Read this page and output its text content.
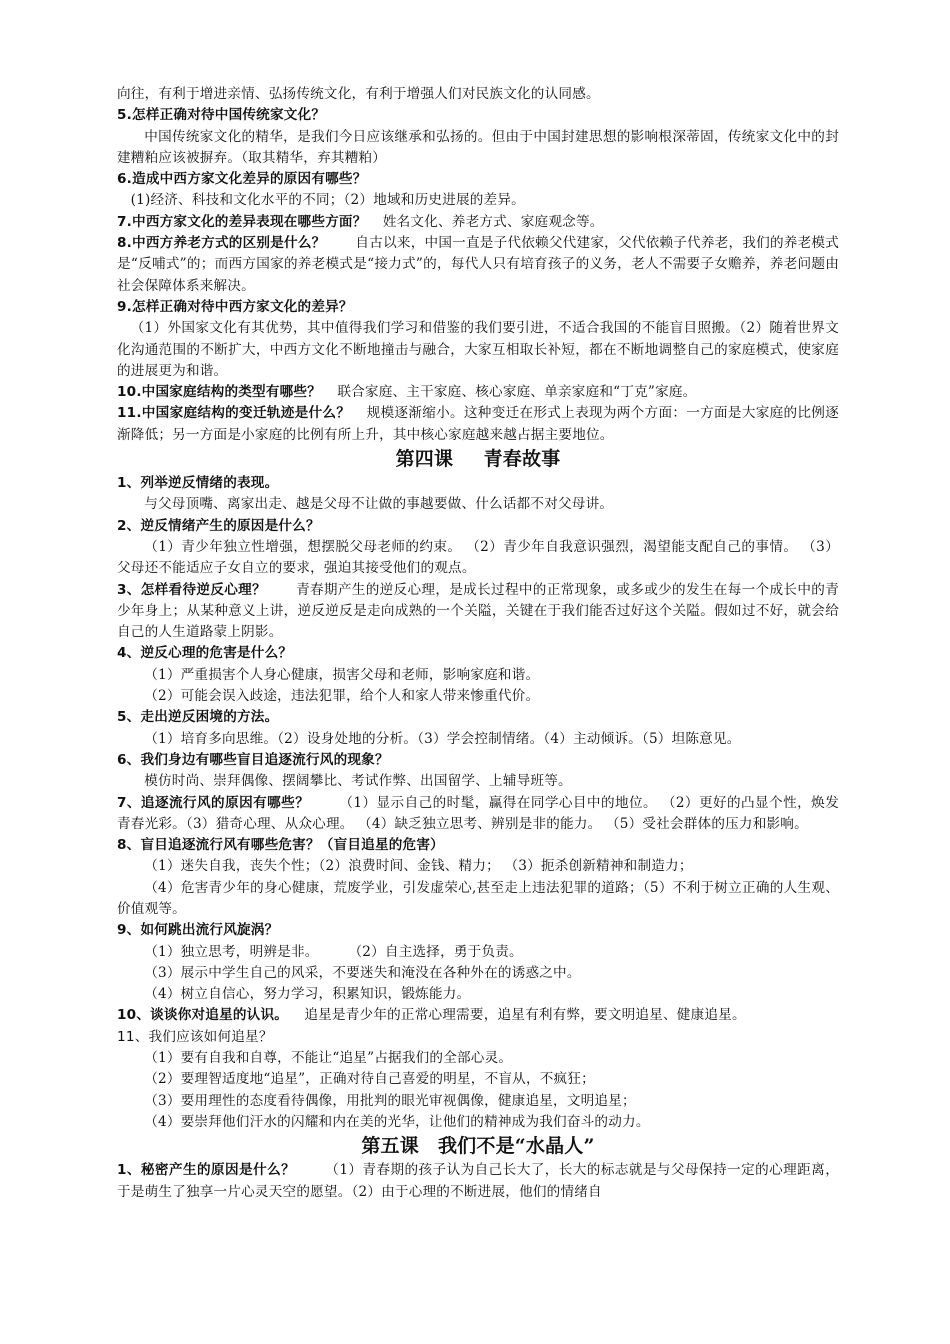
向往，有利于增进亲情、弘扬传统文化，有利于增强人们对民族文化的认同感。

5.怎样正确对待中国传统家文化？

中国传统家文化的精华，是我们今日应该继承和弘扬的。但由于中国封建思想的影响根深蒂固，传统家文化中的封建糟粕应该被摒弃。（取其精华，弃其糟粕）

6.造成中西方家文化差异的原因有哪些？

(1)经济、科技和文化水平的不同；（2）地域和历史进展的差异。

7.中西方家文化的差异表现在哪些方面？ 姓名文化、养老方式、家庭观念等。

8.中西方养老方式的区别是什么？ 自古以来，中国一直是子代依赖父代建家，父代依赖子代养老，我们的养老模式是“反哺式”的；而西方国家的养老模式是“接力式”的，每代人只有培育孩子的义务，老人不需要子女赡养，养老问题由社会保障体系来解决。

9.怎样正确对待中西方家文化的差异？

（1）外国家文化有其优势，其中值得我们学习和借鉴的我们要引进，不适合我国的不能盲目照搬。（2）随着世界文化沟通范围的不断扩大，中西方文化不断地撞击与融合，大家互相取长补短，都在不断地调整自己的家庭模式，使家庭的进展更为和谐。

10.中国家庭结构的类型有哪些？ 联合家庭、主干家庭、核心家庭、单亲家庭和“丁克”家庭。

11.中国家庭结构的变迁轨迹是什么？ 规模逐渐缩小。这种变迁在形式上表现为两个方面：一方面是大家庭的比例逐渐降低；另一方面是小家庭的比例有所上升，其中核心家庭越来越占据主要地位。

第四课 青春故事

1、列举逆反情绪的表现。

与父母顶嘴、离家出走、越是父母不让做的事越要做、什么话都不对父母讲。

2、逆反情绪产生的原因是什么？

（1）青少年独立性增强，想摆脱父母老师的约束。 （2）青少年自我意识强烈，渴望能支配自己的事情。 （3）父母还不能适应子女自立的要求，强迫其接受他们的观点。

3、怎样看待逆反心理？ 青春期产生的逆反心理，是成长过程中的正常现象，或多或少的发生在每一个成长中的青少年身上；从某种意义上讲，逆反逆反是走向成熟的一个关隘，关键在于我们能否过好这个关隘。假如过不好，就会给自己的人生道路蒙上阴影。

4、逆反心理的危害是什么？

（1）严重损害个人身心健康，损害父母和老师，影响家庭和谐。

（2）可能会误入歧途，违法犯罪，给个人和家人带来惨重代价。

5、走出逆反困境的方法。

（1）培育多向思维。（2）设身处地的分析。（3）学会控制情绪。（4）主动倾诉。（5）坦陈意见。

6、我们身边有哪些盲目追逐流行风的现象？

模仿时尚、崇拜偶像、摆阔攀比、考试作弊、出国留学、上辅导班等。

7、追逐流行风的原因有哪些？ （1）显示自己的时髦，赢得在同学心目中的地位。 （2）更好的凸显个性，焕发青春光彩。（3）猎奇心理、从众心理。 （4）缺乏独立思考、辨别是非的能力。 （5）受社会群体的压力和影响。

8、盲目追逐流行风有哪些危害？（盲目追星的危害）

（1）迷失自我，丧失个性；（2）浪费时间、金钱、精力； （3）扼杀创新精神和制造力；

（4）危害青少年的身心健康，荒废学业，引发虚荣心,甚至走上违法犯罪的道路；（5）不利于树立正确的人生观、价值观等。

9、如何跳出流行风旋涡？

（1）独立思考，明辨是非。 （2）自主选择，勇于负责。

（3）展示中学生自己的风采，不要迷失和淹没在各种外在的诱惑之中。

（4）树立自信心，努力学习，积累知识，锻炼能力。

10、谈谈你对追星的认识。 追星是青少年的正常心理需要，追星有利有弊，要文明追星、健康追星。

11、我们应该如何追星？

（1）要有自我和自尊，不能让“追星”占据我们的全部心灵。

（2）要理智适度地“追星”，正确对待自己喜爱的明星，不盲从，不疯狂；

（3）要用理性的态度看待偶像，用批判的眼光审视偶像，健康追星，文明追星；

（4）要崇拜他们汗水的闪耀和内在美的光华，让他们的精神成为我们奋斗的动力。

第五课 我们不是“水晶人”

1、秘密产生的原因是什么？ （1）青春期的孩子认为自己长大了，长大的标志就是与父母保持一定的心理距离，于是萌生了独享一片心灵天空的愿望。（2）由于心理的不断进展，他们的情绪自
